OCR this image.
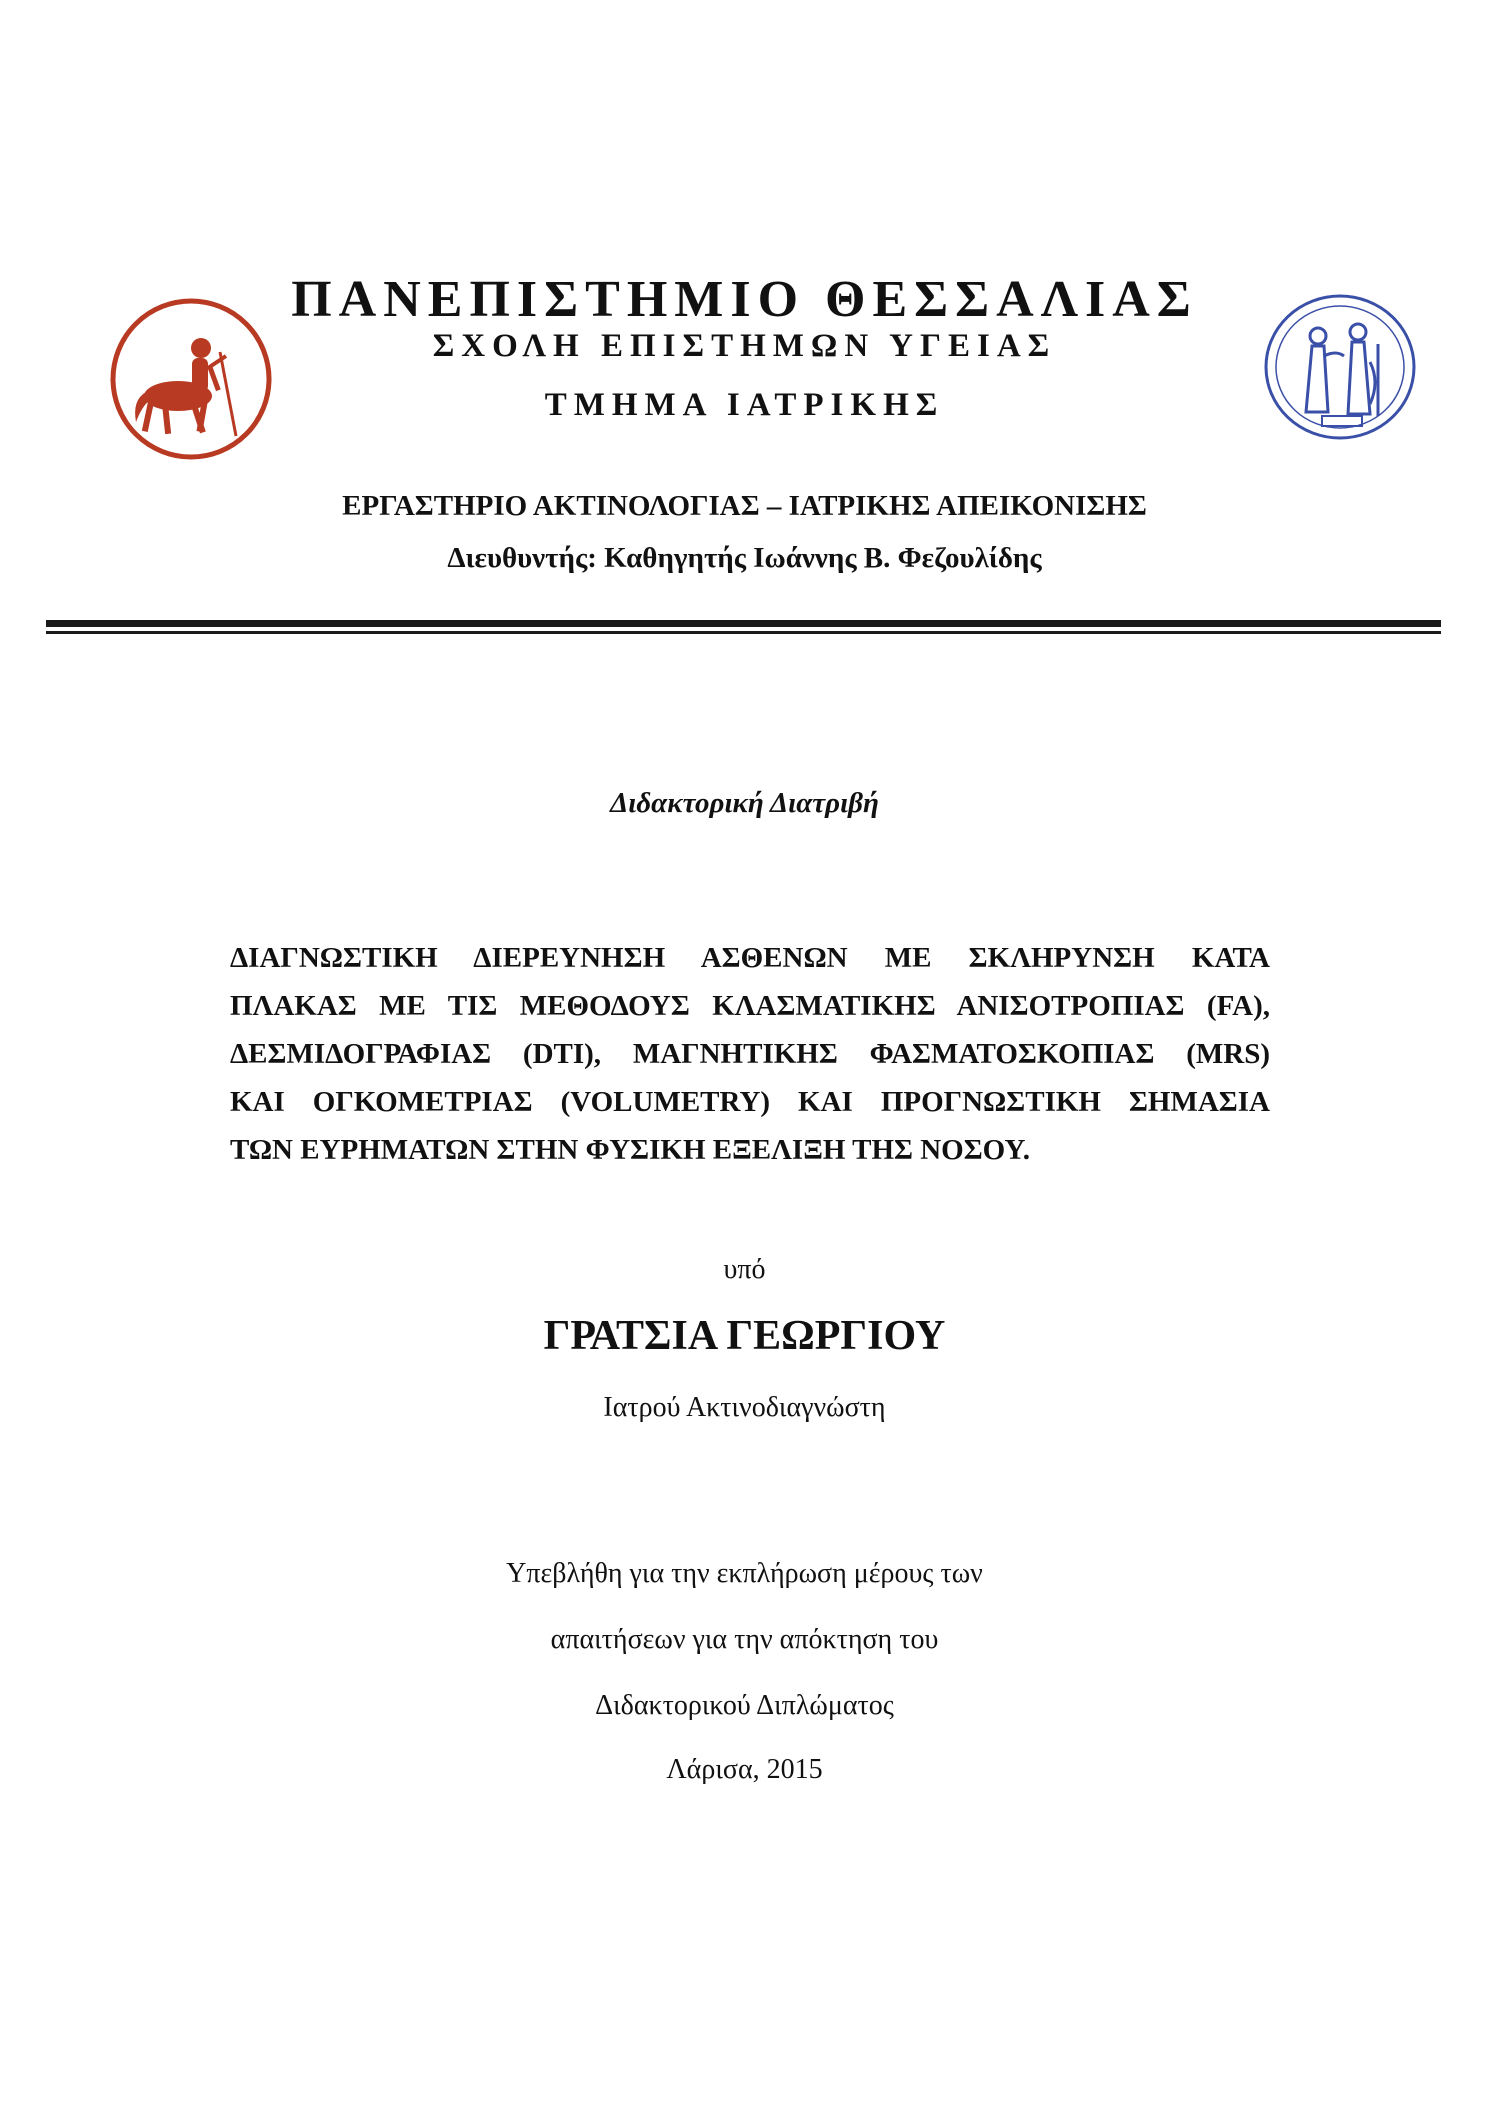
ΠΑΝΕΠΙΣΤΗΜΙΟ ΘΕΣΣΑΛΙΑΣ
ΣΧΟΛΗ ΕΠΙΣΤΗΜΩΝ ΥΓΕΙΑΣ
ΤΜΗΜΑ ΙΑΤΡΙΚΗΣ
ΕΡΓΑΣΤΗΡΙΟ ΑΚΤΙΝΟΛΟΓΙΑΣ – ΙΑΤΡΙΚΗΣ ΑΠΕΙΚΟΝΙΣΗΣ
Διευθυντής: Καθηγητής Ιωάννης Β. Φεζουλίδης
Διδακτορική Διατριβή
ΔΙΑΓΝΩΣΤΙΚΗ ΔΙΕΡΕΥΝΗΣΗ ΑΣΘΕΝΩΝ ΜΕ ΣΚΛΗΡΥΝΣΗ ΚΑΤΑ
ΠΛΑΚΑΣ ΜΕ ΤΙΣ ΜΕΘΟΔΟΥΣ ΚΛΑΣΜΑΤΙΚΗΣ ΑΝΙΣΟΤΡΟΠΙΑΣ (FA),
ΔΕΣΜΙΔΟΓΡΑΦΙΑΣ (DTI), ΜΑΓΝΗΤΙΚΗΣ ΦΑΣΜΑΤΟΣΚΟΠΙΑΣ (MRS)
ΚΑΙ ΟΓΚΟΜΕΤΡΙΑΣ (VOLUMETRY) ΚΑΙ ΠΡΟΓΝΩΣΤΙΚΗ ΣΗΜΑΣΙΑ
ΤΩΝ ΕΥΡΗΜΑΤΩΝ ΣΤΗΝ ΦΥΣΙΚΗ ΕΞΕΛΙΞΗ ΤΗΣ ΝΟΣΟΥ.
υπό
ΓΡΑΤΣΙΑ ΓΕΩΡΓΙΟΥ
Ιατρού Ακτινοδιαγνώστη
Υπεβλήθη για την εκπλήρωση μέρους των
απαιτήσεων για την απόκτηση του
Διδακτορικού Διπλώματος
Λάρισα, 2015
